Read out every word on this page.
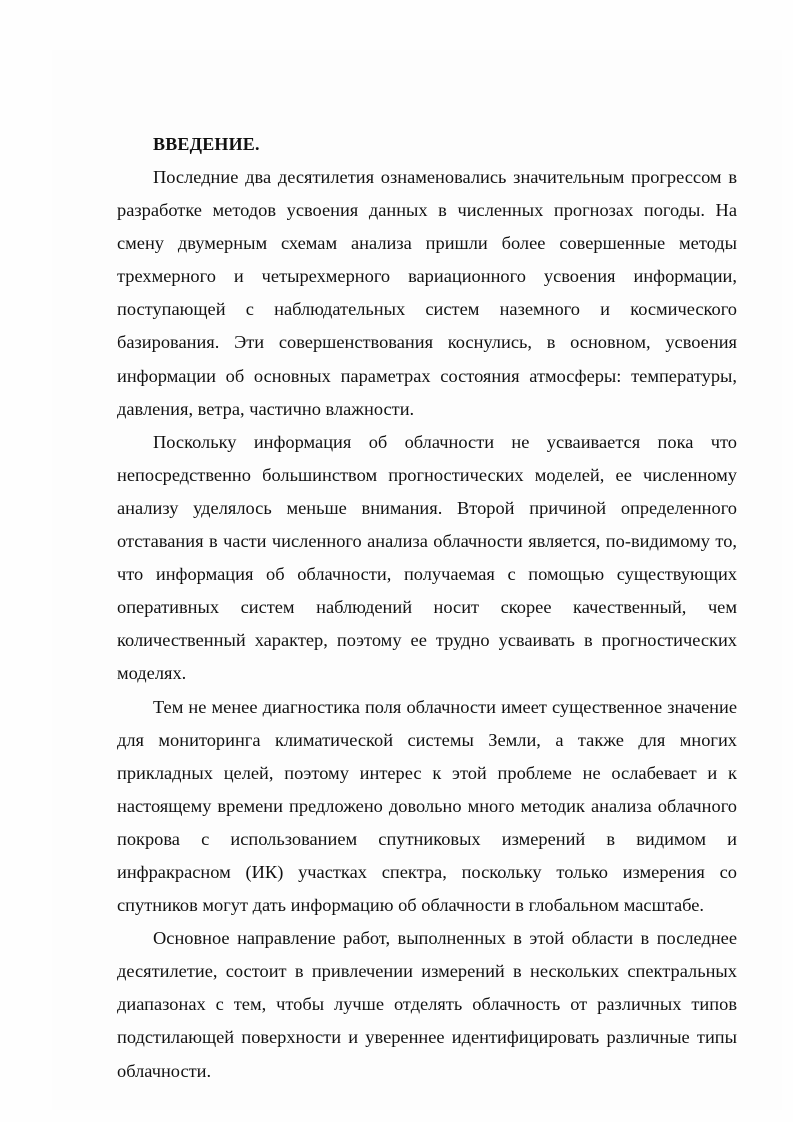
ВВЕДЕНИЕ.

Последние два десятилетия ознаменовались значительным прогрессом в разработке методов усвоения данных в численных прогнозах погоды. На смену двумерным схемам анализа пришли более совершенные методы трехмерного и четырехмерного вариационного усвоения информации, поступающей с наблюдательных систем наземного и космического базирования. Эти совершенствования коснулись, в основном, усвоения информации об основных параметрах состояния атмосферы: температуры, давления, ветра, частично влажности.

Поскольку информация об облачности не усваивается пока что непосредственно большинством прогностических моделей, ее численному анализу уделялось меньше внимания. Второй причиной определенного отставания в части численного анализа облачности является, по-видимому то, что информация об облачности, получаемая с помощью существующих оперативных систем наблюдений носит скорее качественный, чем количественный характер, поэтому ее трудно усваивать в прогностических моделях.

Тем не менее диагностика поля облачности имеет существенное значение для мониторинга климатической системы Земли, а также для многих прикладных целей, поэтому интерес к этой проблеме не ослабевает и к настоящему времени предложено довольно много методик анализа облачного покрова с использованием спутниковых измерений в видимом и инфракрасном (ИК) участках спектра, поскольку только измерения со спутников могут дать информацию об облачности в глобальном масштабе.

Основное направление работ, выполненных в этой области в последнее десятилетие, состоит в привлечении измерений в нескольких спектральных диапазонах с тем, чтобы лучше отделять облачность от различных типов подстилающей поверхности и увереннее идентифицировать различные типы облачности.
